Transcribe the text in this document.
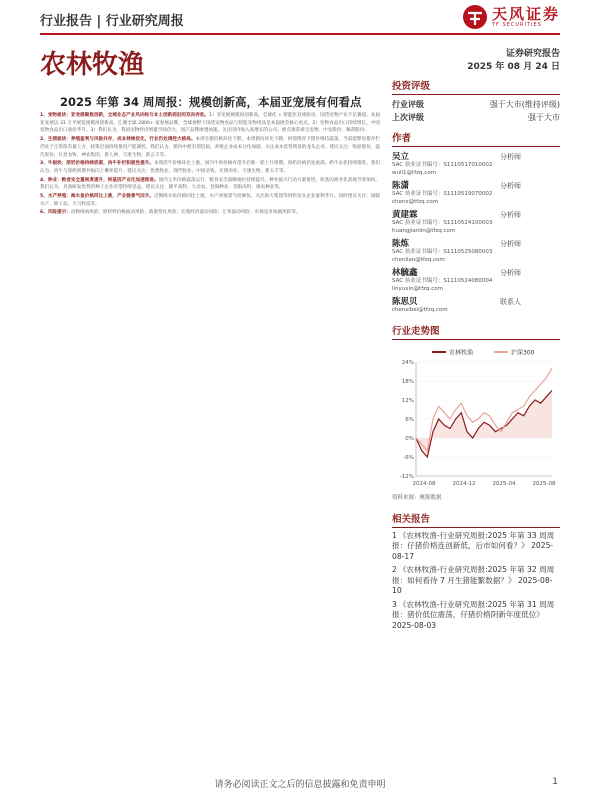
行业报告 | 行业研究周报	天风证券
TF SECURITIES
农林牧渔	证券研究报告
2025 年 08 月 24 日
2025 年第 34 周周报：规模创新高，本届亚宠展有何看点

1、宠物板块：亚宠展聚焦创新，全域业态产业风向标与本土创新前沿的双向奔赴。1）亚宠展规模再创新高，全球化 + 智能化双重驱动，国货宠物产业千亿赛道。本届亚宠展以 31 万平展览规模再创新高，汇聚全球 2800+ 家参展品牌，全球视野下国货宠物食品与智能宠物用品是本届展会核心看点。2）宠物食品出口持续增长，中国宠物食品出口量价齐升。3）我们认为，我国宠物经济增量空间仍大，国产品牌渗透加速。关注国内收入高增长的公司。重点推荐乖宝宠物、中宠股份、佩蒂股份。

2、生猪板块：养殖盈利与风险并存，成本持续优化，行业仍处调控大格局。本周生猪价格环比下跌，本周猪价环比下降，供需博弈下猪价维持震荡。当前能繁母猪存栏仍处于正常保有量上方，政策层面持续推进产能调控。我们认为，猪价中枢有望趋稳，养殖企业成本分化加剧，关注成本优势明显的龙头企业。建议关注：牧原股份、温氏股份、巨星农牧、神农集团、唐人神、天康生物、新五丰等。

3、牛板块：原奶价格持续底部，肉牛补栏积极性提升。本周活牛价格环比上涨，国内牛肉价格有望开启新一轮上行周期。原奶价格仍处底部，奶牛去化持续推进。我们认为，肉牛与原奶周期共振向上概率提升。建议关注：优然牧业、现代牧业、中国圣牧、光明肉业、天康生物、新五丰等。

4、种业：粮食安全重视度提升，转基因产业化加速推进。国内玉米价格震荡运行，粮食安全战略地位持续提升。种业振兴行动方案推进，转基因商业化落地节奏加快。我们认为，具备研发优势的种子企业有望持续受益。建议关注：隆平高科、大北农、登海种业、荃银高科、康农种业等。

5、水产养殖：海水鱼价格同比上涨，产业链景气回升。近期海水鱼价格同比上涨，水产养殖景气度修复。关注海大集团等饲料龙头企业量利齐升。同时建议关注：国联水产、獐子岛、天马科技等。

6、风险提示：动物疫病风险；原材料价格波动风险；政策变化风险；宏观经济波动风险；汇率波动风险；市场竞争加剧风险等。

投资评级
行业评级	强于大市(维持评级)
上次评级	强于大市
作者
吴立	分析师
SAC 执业证书编号：S1110517010002
wuli1@tfzq.com
陈潇	分析师
SAC 执业证书编号：S1110519070002
chenx@tfzq.com
黄建霖	分析师
SAC 执业证书编号：S1110524100003
huangjianlin@tfzq.com
陈炼	分析师
SAC 执业证书编号：S1110525080003
chenlian@tfzq.com
林毓鑫	分析师
SAC 执业证书编号：S1110524080004
linyuxin@tfzq.com
陈思贝	联系人
chensibei@tfzq.com
行业走势图
农林牧渔	沪深300
24%
18%
12%
6%
0%
-6%
-12%
2024-08	2024-12	2025-04	2025-08
资料来源：聚源数据
相关报告
1 《农林牧渔-行业研究周报:2025 年第 33 周周报：仔猪价格连创新低，后市如何看？》 2025-08-17
2 《农林牧渔-行业研究周报:2025 年第 32 周周报：如何看待 7 月生猪能繁数据？》 2025-08-10
3 《农林牧渔-行业研究周报:2025 年第 31 周周报：猪价低位震荡，仔猪价格阴新年度低位》 2025-08-03
请务必阅读正文之后的信息披露和免责申明	1
